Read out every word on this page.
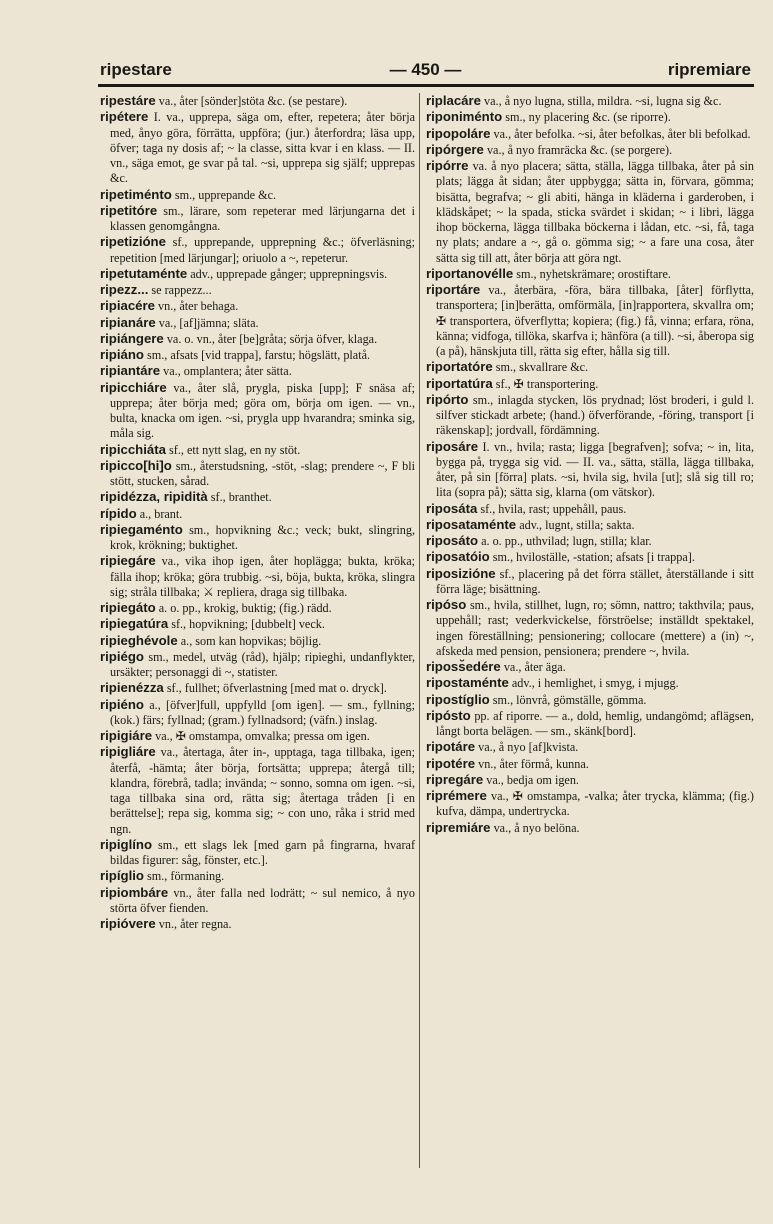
ripestare	— 450 —	ripremiare
ripestáre va., åter [sönder]stöta &c. (se pestare).
ripétere I. va., upprepa, säga om, efter, repetera; åter börja med, ånyo göra, förrätta, uppföra; (jur.) återfordra; läsa upp, öfver; taga ny dosis af; ~ la classe, sitta kvar i en klass. — II. vn., säga emot, ge svar på tal. ~si, upprepa sig själf; upprepas &c.
ripetiménto sm., upprepande &c.
ripetitóre sm., lärare, som repeterar med lärjungarna det i klassen genomgångna.
ripetizióne sf., upprepande, upprepning &c.; öfverläsning; repetition [med lärjungar]; oriuolo a ~, repeterur.
ripetutaménte adv., upprepade gånger; upprepningsvis.
ripezz... se rappezz...
ripiacére vn., åter behaga.
ripianáre va., [af]jämna; släta.
ripiángere va. o. vn., åter [be]gråta; sörja öfver, klaga.
ripiáno sm., afsats [vid trappa], farstu; högslätt, platå.
ripiantáre va., omplantera; åter sätta.
ripicchiáre va., åter slå, prygla, piska [upp]; F snäsa af; upprepa; åter börja med; göra om, börja om igen. — vn., bulta, knacka om igen. ~si, prygla upp hvarandra; sminka sig, måla sig.
ripicchiáta sf., ett nytt slag, en ny stöt.
ripicco[hi]o sm., återstudsning, -stöt, -slag; prendere ~, F bli stött, stucken, sårad.
ripidézza, ripidità sf., branthet.
rípido a., brant.
ripiegaménto sm., hopvikning &c.; veck; bukt, slingring, krok, krökning; buktighet.
ripiegáre va., vika ihop igen, åter hopläggа; bukta, kröka; fälla ihop; kröka; göra trubbig. ~si, böja, bukta, kröka, slingra sig; stråla tillbaka; ⚔ repliera, draga sig tillbaka.
ripiegáto a. o. pp., krokig, buktig; (fig.) rädd.
ripiegatúra sf., hopvikning; [dubbelt] veck.
ripieghévole a., som kan hopvikas; böjlig.
ripiégo sm., medel, utväg (råd), hjälp; ripieghi, undanflykter, ursäkter; personaggi di ~, statister.
ripienézza sf., fullhet; öfverlastning [med mat o. dryck].
ripiéno a., [öfver]full, uppfylld [om igen]. — sm., fyllning; (kok.) färs; fyllnad; (gram.) fyllnadsord; (väfn.) inslag.
ripigiáre va., ✠ omstampa, omvalka; pressa om igen.
ripigliáre va., återtaga, åter in-, upptaga, taga tillbaka, igen; återfå, -hämta; åter börja, fortsätta; upprepa; återgå till; klandra, förebrå, tadla; invända; ~ sonno, somna om igen. ~si, taga tillbaka sina ord, rätta sig; återtaga tråden [i en berättelse]; repa sig, komma sig; ~ con uno, råka i strid med ngn.
ripiglíno sm., ett slags lek [med garn på fingrarna, hvaraf bildas figurer: såg, fönster, etc.].
ripíglio sm., förmaning.
ripiombáre vn., åter falla ned lodrätt; ~ sul nemico, å nyo störta öfver fienden.
ripióvere vn., åter regna.
riplacáre va., å nyo lugna, stilla, mildra. ~si, lugna sig &c.
riponiménto sm., ny placering &c. (se riporre).
ripopoláre va., åter befolka. ~si, åter befolkas, åter bli befolkad.
ripórgere va., å nyo framräcka &c. (se porgere).
ripórre va. å nyo placera; sätta, ställa, lägga tillbaka, åter på sin plats; lägga åt sidan; åter uppbygga; sätta in, förvara, gömma; bisätta, begrafva; ~ gli abiti, hänga in kläderna i garderoben, i klädskåpet; ~ la spada, sticka svärdet i skidan; ~ i libri, lägga ihop böckerna, lägga tillbaka böckerna i lådan, etc. ~si, få, taga ny plats; andare a ~, gå o. gömma sig; ~ a fare una cosa, åter sätta sig till att, åter börja att göra ngt.
riportanovélle sm., nyhetskrämare; orostiftare.
riportáre va., återbära, -föra, bära tillbaka, [åter] förflytta, transportera; [in]berätta, omförmäla, [in]rapportera, skvallra om; ✠ transportera, öfverflytta; kopiera; (fig.) få, vinna; erfara, röna, känna; vidfoga, tillöka, skarfva i; hänföra (a till). ~si, åberopa sig (a på), hänskjuta till, rätta sig efter, hålla sig till.
riportatóre sm., skvallrare &c.
riportatúra sf., ✠ transportering.
ripórto sm., inlagda stycken, lös prydnad; löst broderi, i guld l. silfver stickadt arbete; (hand.) öfverförande, -föring, transport [i räkenskap]; jordvall, fördämning.
riposáre I. vn., hvila; rasta; ligga [begrafven]; sofva; ~ in, lita, bygga på, trygga sig vid. — II. va., sätta, ställa, lägga tillbaka, åter, på sin [förra] plats. ~si, hvila sig, hvila [ut]; slå sig till ro; lita (sopra på); sätta sig, klarna (om vätskor).
riposáta sf., hvila, rast; uppehåll, paus.
riposataménte adv., lugnt, stilla; sakta.
riposáto a. o. pp., uthvilad; lugn, stilla; klar.
riposatóio sm., hviloställe, -station; afsats [i trappa].
riposizióne sf., placering på det förra stället, återställande i sitt förra läge; bisättning.
ripóso sm., hvila, stillhet, lugn, ro; sömn, nattro; takthvila; paus, uppehåll; rast; vederkvickelse, förströelse; inställdt spektakel, ingen föreställning; pensionering; collocare (mettere) a (in) ~, afskeda med pension, pensionera; prendere ~, hvila.
riposs̆edére va., åter äga.
ripostaménte adv., i hemlighet, i smyg, i mjugg.
ripostíglio sm., lönvrå, gömställe, gömma.
ripósto pp. af riporre. — a., dold, hemlig, undangömd; aflägsen, långt borta belägen. — sm., skänk[bord].
ripotáre va., å nyo [af]kvista.
ripotére vn., åter förmå, kunna.
ripregáre va., bedja om igen.
riprémere va., ✠ omstampa, -valka; åter trycka, klämma; (fig.) kufva, dämpa, undertrycka.
ripremiáre va., å nyo belöna.
